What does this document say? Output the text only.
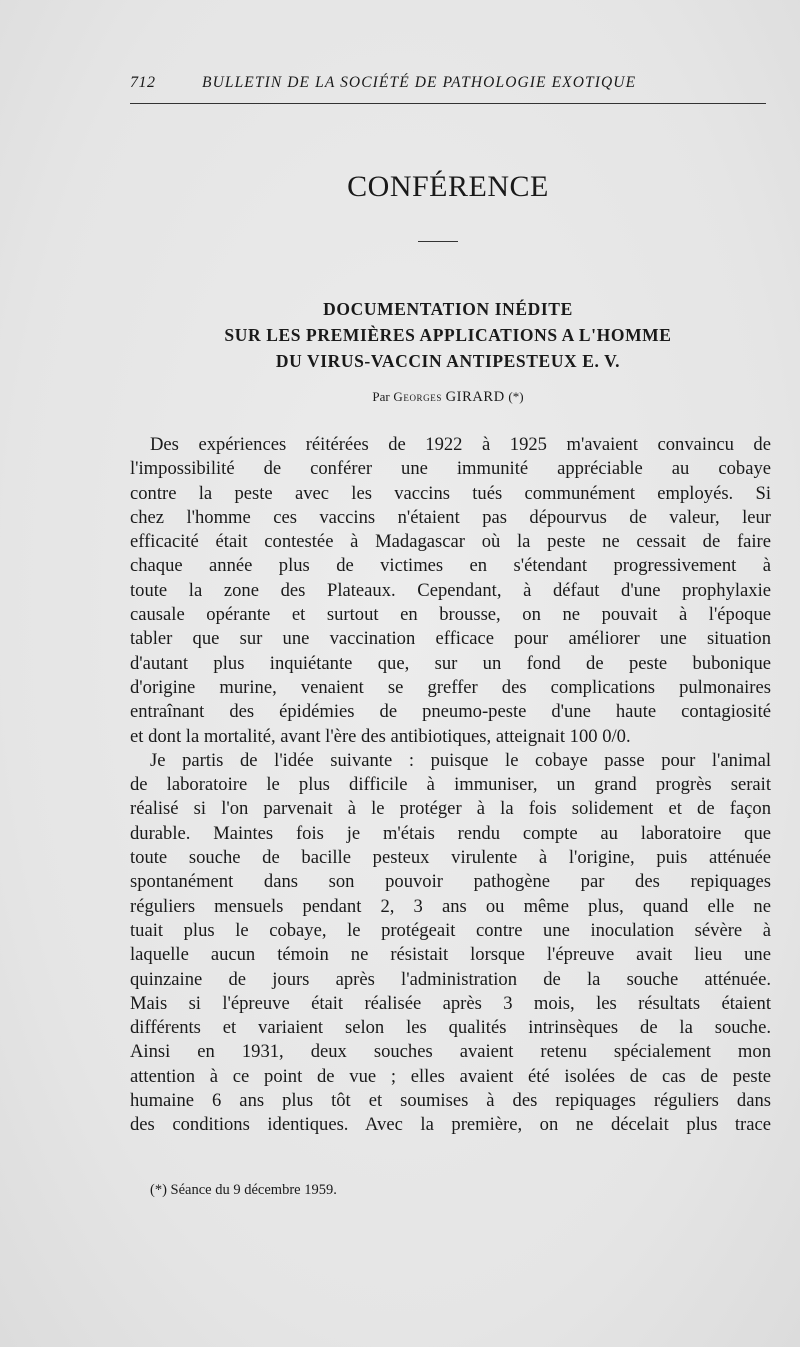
712	BULLETIN DE LA SOCIÉTÉ DE PATHOLOGIE EXOTIQUE
CONFÉRENCE
DOCUMENTATION INÉDITE
SUR LES PREMIÈRES APPLICATIONS A L'HOMME
DU VIRUS-VACCIN ANTIPESTEUX E. V.
Par Georges GIRARD (*)
Des expériences réitérées de 1922 à 1925 m'avaient convaincu de
l'impossibilité de conférer une immunité appréciable au cobaye
contre la peste avec les vaccins tués communément employés. Si
chez l'homme ces vaccins n'étaient pas dépourvus de valeur, leur
efficacité était contestée à Madagascar où la peste ne cessait de faire
chaque année plus de victimes en s'étendant progressivement à
toute la zone des Plateaux. Cependant, à défaut d'une prophylaxie
causale opérante et surtout en brousse, on ne pouvait à l'époque
tabler que sur une vaccination efficace pour améliorer une situation
d'autant plus inquiétante que, sur un fond de peste bubonique
d'origine murine, venaient se greffer des complications pulmonaires
entraînant des épidémies de pneumo-peste d'une haute contagiosité
et dont la mortalité, avant l'ère des antibiotiques, atteignait 100 0/0.
Je partis de l'idée suivante : puisque le cobaye passe pour l'animal
de laboratoire le plus difficile à immuniser, un grand progrès serait
réalisé si l'on parvenait à le protéger à la fois solidement et de façon
durable. Maintes fois je m'étais rendu compte au laboratoire que
toute souche de bacille pesteux virulente à l'origine, puis atténuée
spontanément dans son pouvoir pathogène par des repiquages
réguliers mensuels pendant 2, 3 ans ou même plus, quand elle ne
tuait plus le cobaye, le protégeait contre une inoculation sévère à
laquelle aucun témoin ne résistait lorsque l'épreuve avait lieu une
quinzaine de jours après l'administration de la souche atténuée.
Mais si l'épreuve était réalisée après 3 mois, les résultats étaient
différents et variaient selon les qualités intrinsèques de la souche.
Ainsi en 1931, deux souches avaient retenu spécialement mon
attention à ce point de vue ; elles avaient été isolées de cas de peste
humaine 6 ans plus tôt et soumises à des repiquages réguliers dans
des conditions identiques. Avec la première, on ne décelait plus trace
(*) Séance du 9 décembre 1959.
